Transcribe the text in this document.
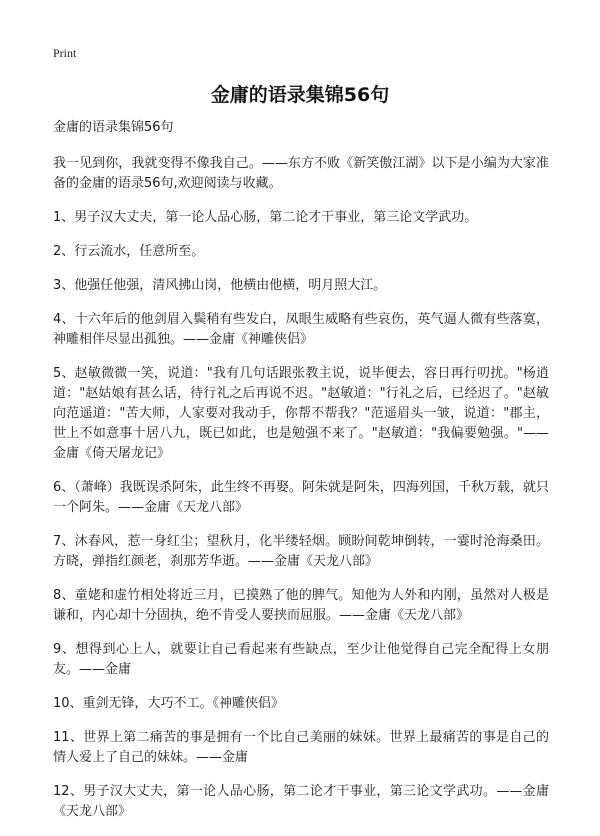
Print
金庸的语录集锦56句

金庸的语录集锦56句

我一见到你，我就变得不像我自己。——东方不败《新笑傲江湖》以下是小编为大家准备的金庸的语录56句,欢迎阅读与收藏。

1、男子汉大丈夫，第一论人品心肠，第二论才干事业，第三论文学武功。

2、行云流水，任意所至。

3、他强任他强，清风拂山岗，他横由他横，明月照大江。

4、十六年后的他剑眉入鬓稍有些发白，凤眼生威略有些哀伤，英气逼人微有些落寞，神雕相伴尽显出孤独。——金庸《神雕侠侣》

5、赵敏微微一笑，说道："我有几句话跟张教主说，说毕便去，容日再行叨扰。"杨逍道："赵姑娘有甚么话，待行礼之后再说不迟。"赵敏道："行礼之后，已经迟了。"赵敏向范遥道："苦大师，人家要对我动手，你帮不帮我？"范遥眉头一皱，说道："郡主，世上不如意事十居八九，既已如此，也是勉强不来了。"赵敏道："我偏要勉强。"——金庸《倚天屠龙记》

6、（萧峰）我既误杀阿朱，此生终不再娶。阿朱就是阿朱，四海列国，千秋万载，就只一个阿朱。——金庸《天龙八部》

7、沐春风，惹一身红尘；望秋月，化半缕轻烟。顾盼间乾坤倒转，一霎时沧海桑田。方晓，弹指红颜老，刹那芳华逝。——金庸《天龙八部》

8、童姥和虚竹相处将近三月，已摸熟了他的脾气。知他为人外和内刚，虽然对人极是谦和，内心却十分固执，绝不肯受人要挟而屈服。——金庸《天龙八部》

9、想得到心上人，就要让自己看起来有些缺点，至少让他觉得自己完全配得上女朋友。——金庸

10、重剑无锋，大巧不工。《神雕侠侣》

11、世界上第二痛苦的事是拥有一个比自己美丽的妹妹。世界上最痛苦的事是自己的情人爱上了自己的妹妹。——金庸

12、男子汉大丈夫，第一论人品心肠，第二论才干事业，第三论文学武功。——金庸《天龙八部》
